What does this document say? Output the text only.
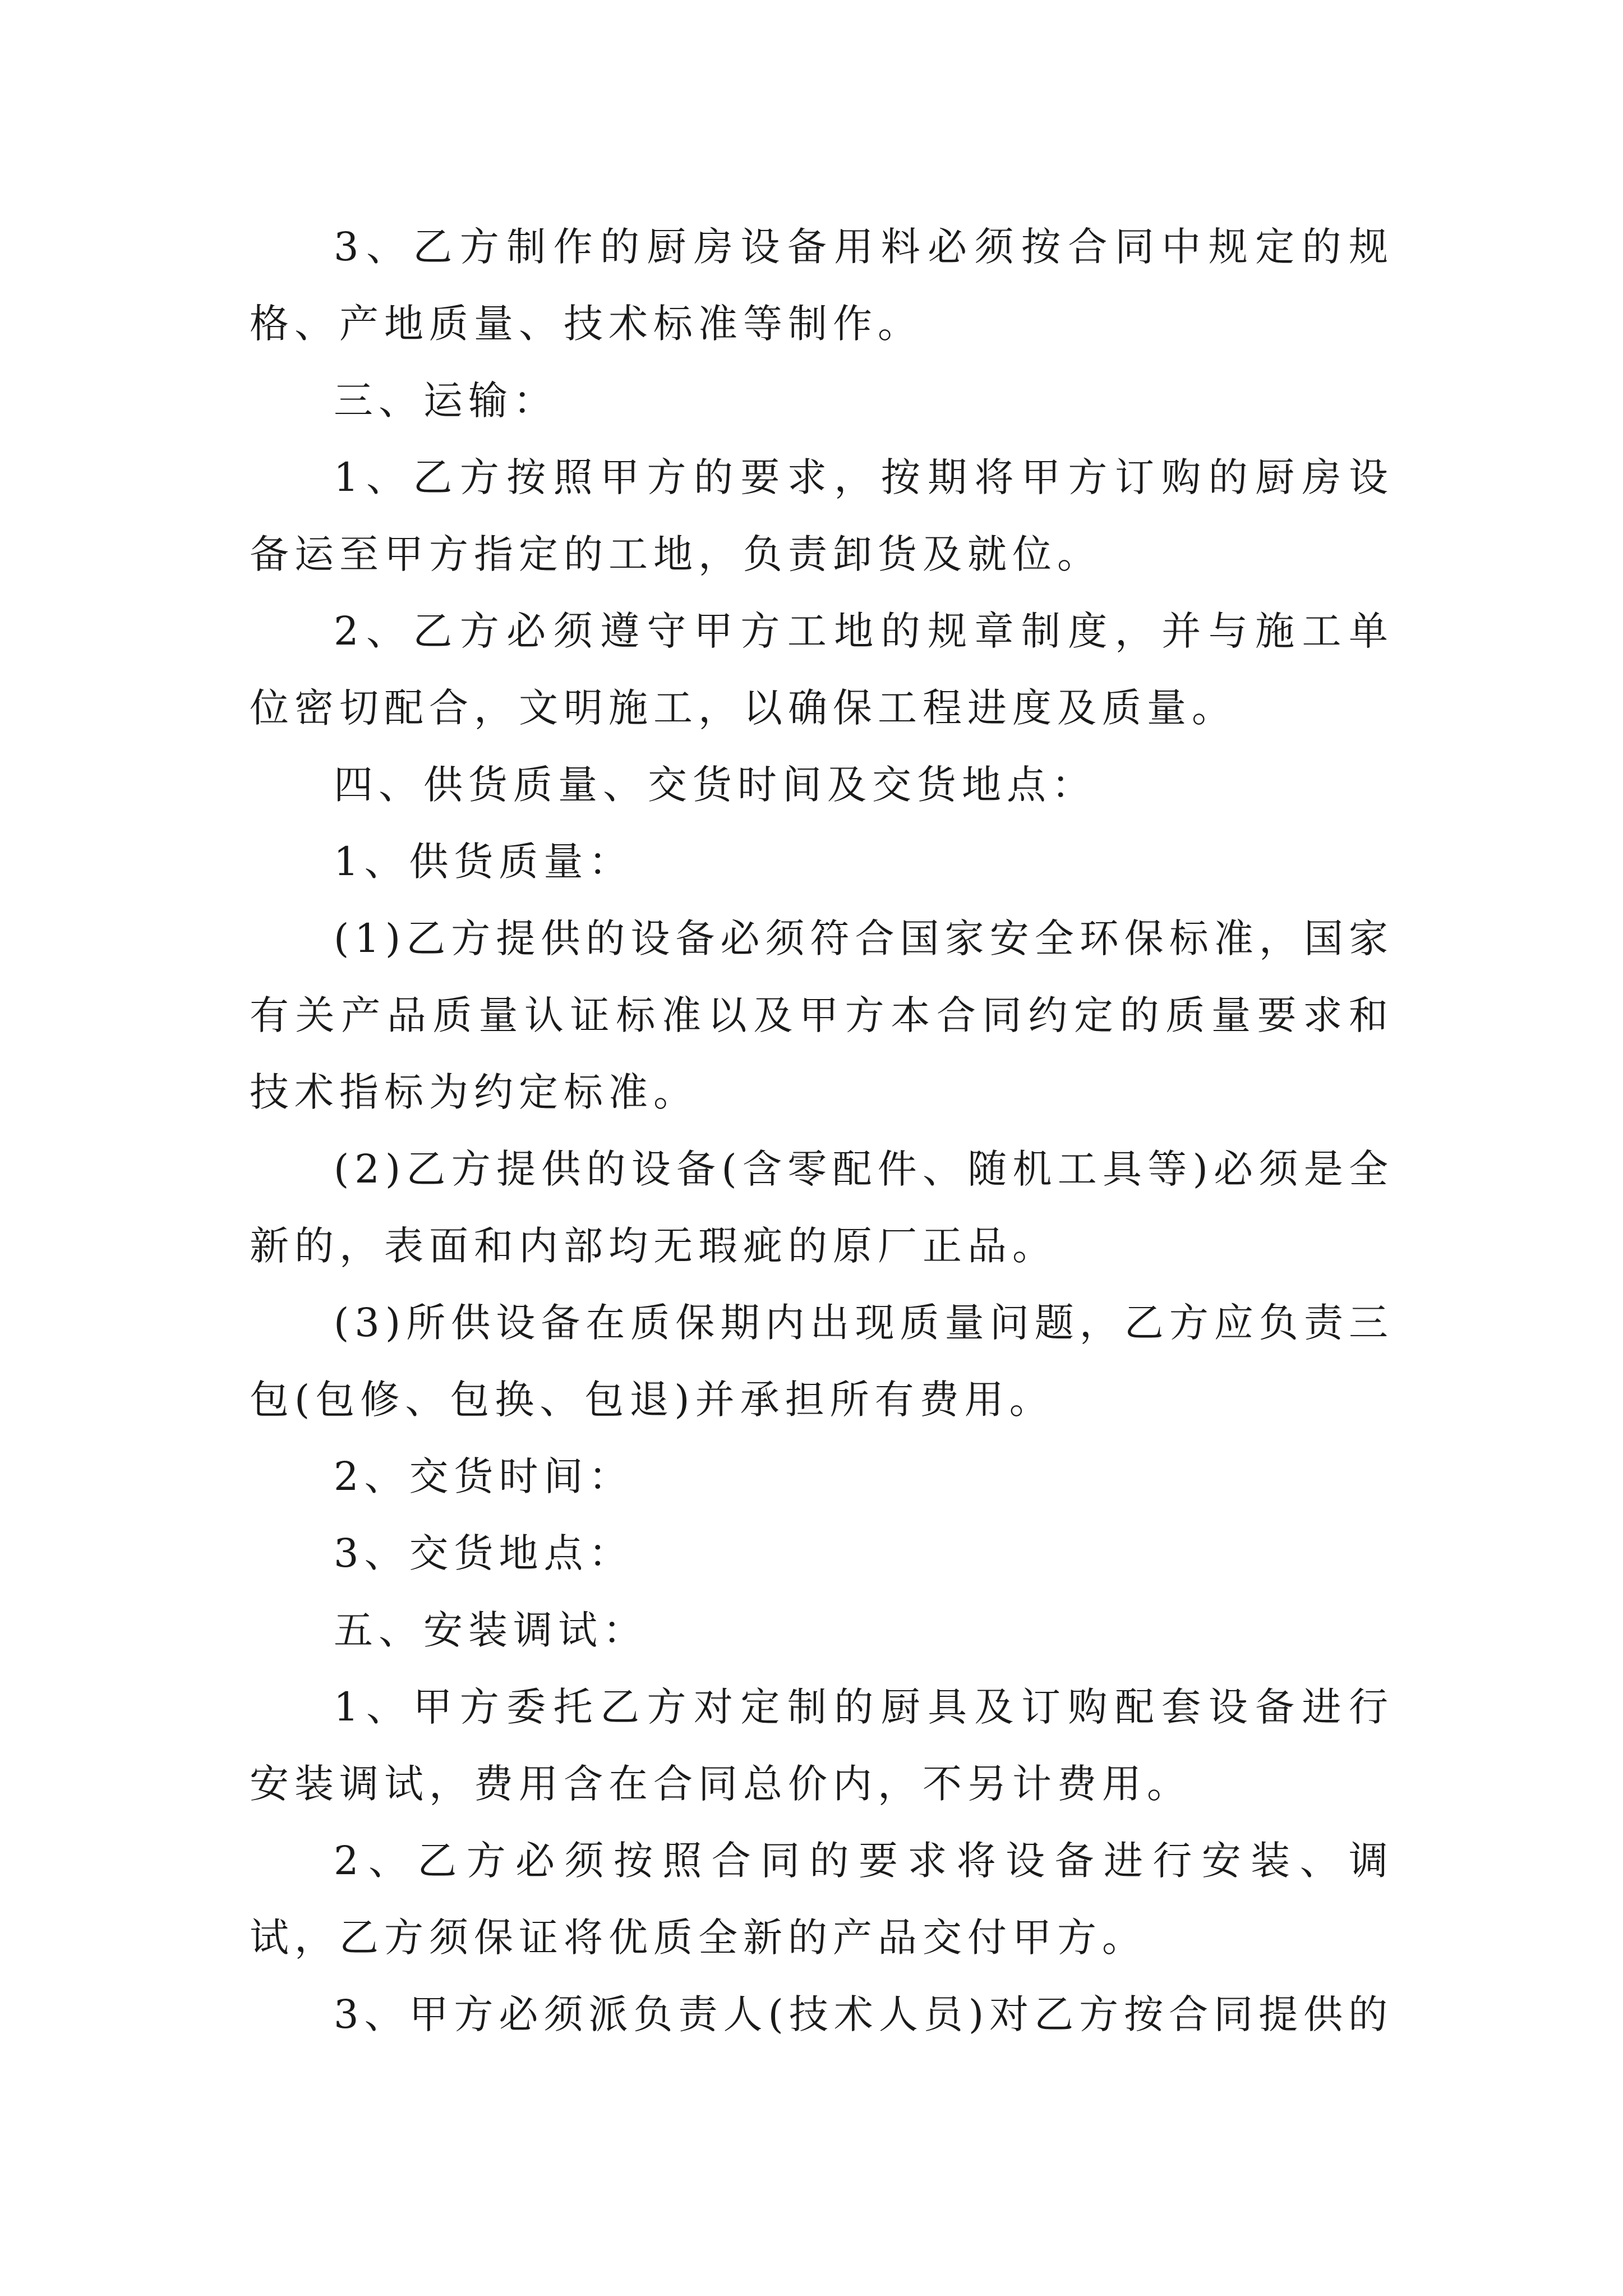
3、乙方制作的厨房设备用料必须按合同中规定的规格、产地质量、技术标准等制作。

三、运输：

1、乙方按照甲方的要求，按期将甲方订购的厨房设备运至甲方指定的工地，负责卸货及就位。

2、乙方必须遵守甲方工地的规章制度，并与施工单位密切配合，文明施工，以确保工程进度及质量。

四、供货质量、交货时间及交货地点：

1、供货质量：

(1)乙方提供的设备必须符合国家安全环保标准，国家有关产品质量认证标准以及甲方本合同约定的质量要求和技术指标为约定标准。

(2)乙方提供的设备(含零配件、随机工具等)必须是全新的，表面和内部均无瑕疵的原厂正品。

(3)所供设备在质保期内出现质量问题，乙方应负责三包(包修、包换、包退)并承担所有费用。

2、交货时间：

3、交货地点：

五、安装调试：

1、甲方委托乙方对定制的厨具及订购配套设备进行安装调试，费用含在合同总价内，不另计费用。

2、乙方必须按照合同的要求将设备进行安装、调试，乙方须保证将优质全新的产品交付甲方。

3、甲方必须派负责人(技术人员)对乙方按合同提供的
